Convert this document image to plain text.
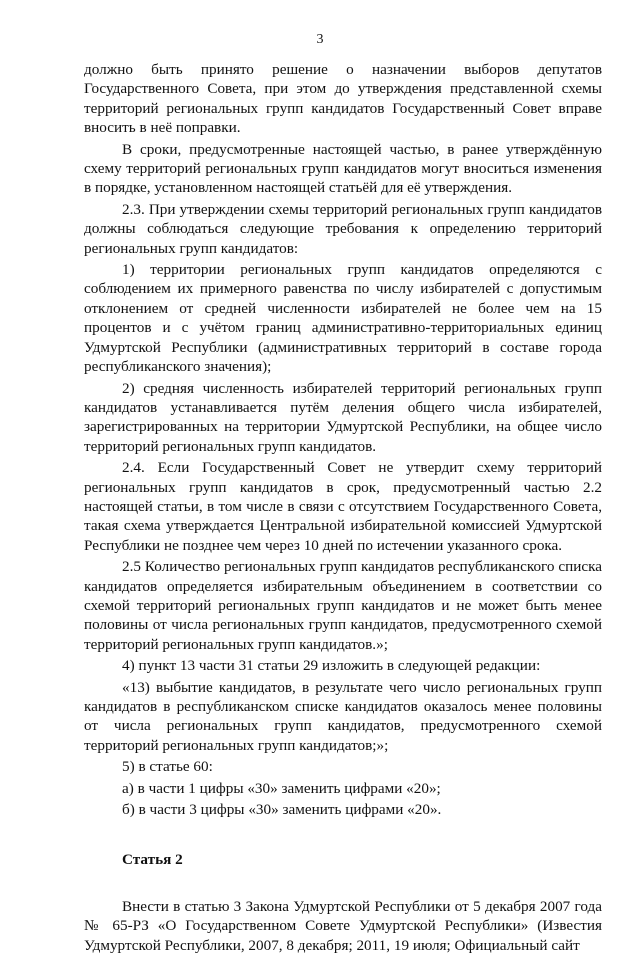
3

должно быть принято решение о назначении выборов депутатов Государственного Совета, при этом до утверждения представленной схемы территорий региональных групп кандидатов Государственный Совет вправе вносить в неё поправки.

В сроки, предусмотренные настоящей частью, в ранее утверждённую схему территорий региональных групп кандидатов могут вноситься изменения в порядке, установленном настоящей статьёй для её утверждения.

2.3. При утверждении схемы территорий региональных групп кандидатов должны соблюдаться следующие требования к определению территорий региональных групп кандидатов:

1) территории региональных групп кандидатов определяются с соблюдением их примерного равенства по числу избирателей с допустимым отклонением от средней численности избирателей не более чем на 15 процентов и с учётом границ административно-территориальных единиц Удмуртской Республики (административных территорий в составе города республиканского значения);

2) средняя численность избирателей территорий региональных групп кандидатов устанавливается путём деления общего числа избирателей, зарегистрированных на территории Удмуртской Республики, на общее число территорий региональных групп кандидатов.

2.4. Если Государственный Совет не утвердит схему территорий региональных групп кандидатов в срок, предусмотренный частью 2.2 настоящей статьи, в том числе в связи с отсутствием Государственного Совета, такая схема утверждается Центральной избирательной комиссией Удмуртской Республики не позднее чем через 10 дней по истечении указанного срока.

2.5 Количество региональных групп кандидатов республиканского списка кандидатов определяется избирательным объединением в соответствии со схемой территорий региональных групп кандидатов и не может быть менее половины от числа региональных групп кандидатов, предусмотренного схемой территорий региональных групп кандидатов.»;

4) пункт 13 части 31 статьи 29 изложить в следующей редакции:

«13) выбытие кандидатов, в результате чего число региональных групп кандидатов в республиканском списке кандидатов оказалось менее половины от числа региональных групп кандидатов, предусмотренного схемой территорий региональных групп кандидатов;»;

5) в статье 60:

а) в части 1 цифры «30» заменить цифрами «20»;

б) в части 3 цифры «30» заменить цифрами «20».

Статья 2

Внести в статью 3 Закона Удмуртской Республики от 5 декабря 2007 года № 65-РЗ «О Государственном Совете Удмуртской Республики» (Известия Удмуртской Республики, 2007, 8 декабря; 2011, 19 июля; Официальный сайт
